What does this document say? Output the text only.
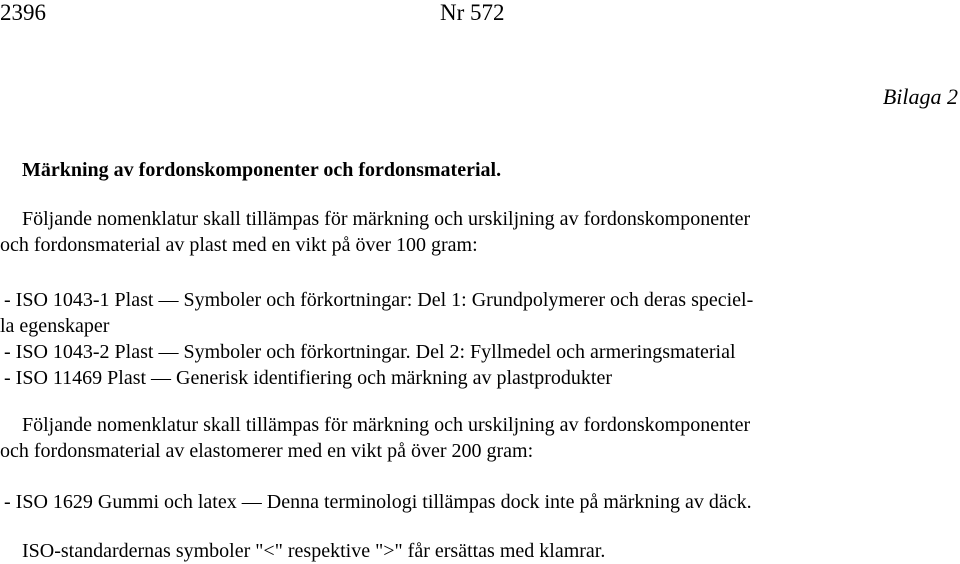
2396	Nr 572
Bilaga 2
Märkning av fordonskomponenter och fordonsmaterial.
Följande nomenklatur skall tillämpas för märkning och urskiljning av fordonskomponenter
och fordonsmaterial av plast med en vikt på över 100 gram:
- ISO 1043-1 Plast — Symboler och förkortningar: Del 1: Grundpolymerer och deras speciel-
la egenskaper
- ISO 1043-2 Plast — Symboler och förkortningar. Del 2: Fyllmedel och armeringsmaterial
- ISO 11469 Plast — Generisk identifiering och märkning av plastprodukter
Följande nomenklatur skall tillämpas för märkning och urskiljning av fordonskomponenter
och fordonsmaterial av elastomerer med en vikt på över 200 gram:
- ISO 1629 Gummi och latex — Denna terminologi tillämpas dock inte på märkning av däck.
ISO-standardernas symboler "<" respektive ">" får ersättas med klamrar.
